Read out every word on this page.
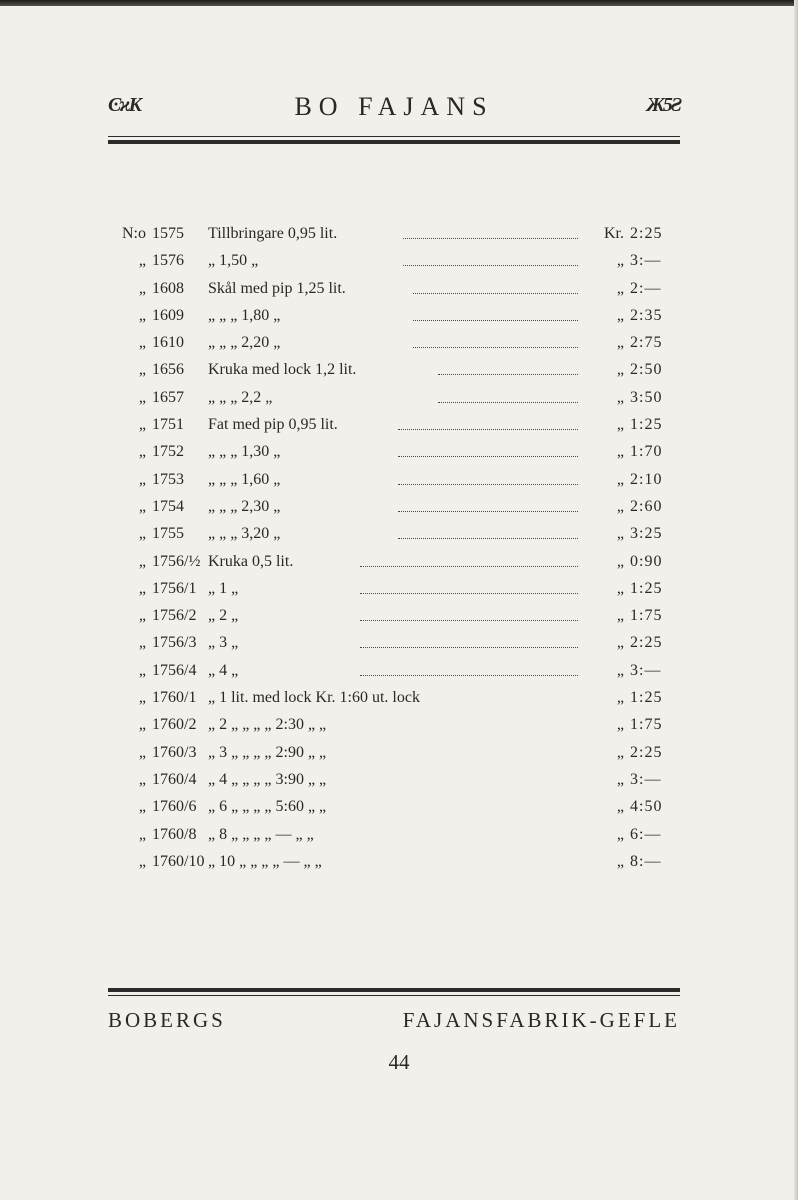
ϾϰΚ	BO FAJANS	Ж5Ƨ
N:o 1575 Tillbringare 0,95 lit.	Kr. 2:25
„ 1576 „ 1,50 „	„ 3:—
„ 1608 Skål med pip 1,25 lit.	„ 2:—
„ 1609 „ „ „ 1,80 „	„ 2:35
„ 1610 „ „ „ 2,20 „	„ 2:75
„ 1656 Kruka med lock 1,2 lit.	„ 2:50
„ 1657 „ „ „ 2,2 „	„ 3:50
„ 1751 Fat med pip 0,95 lit.	„ 1:25
„ 1752 „ „ „ 1,30 „	„ 1:70
„ 1753 „ „ „ 1,60 „	„ 2:10
„ 1754 „ „ „ 2,30 „	„ 2:60
„ 1755 „ „ „ 3,20 „	„ 3:25
„ 1756/½ Kruka 0,5 lit.	„ 0:90
„ 1756/1 „ 1 „	„ 1:25
„ 1756/2 „ 2 „	„ 1:75
„ 1756/3 „ 3 „	„ 2:25
„ 1756/4 „ 4 „	„ 3:—
„ 1760/1 „ 1 lit. med lock Kr. 1:60 ut. lock	„ 1:25
„ 1760/2 „ 2 „ „ „ „ 2:30 „ „	„ 1:75
„ 1760/3 „ 3 „ „ „ „ 2:90 „ „	„ 2:25
„ 1760/4 „ 4 „ „ „ „ 3:90 „ „	„ 3:—
„ 1760/6 „ 6 „ „ „ „ 5:60 „ „	„ 4:50
„ 1760/8 „ 8 „ „ „ „ — „ „	„ 6:—
„ 1760/10 „ 10 „ „ „ „ — „ „	„ 8:—
BOBERGS FAJANSFABRIK-GEFLE
44
